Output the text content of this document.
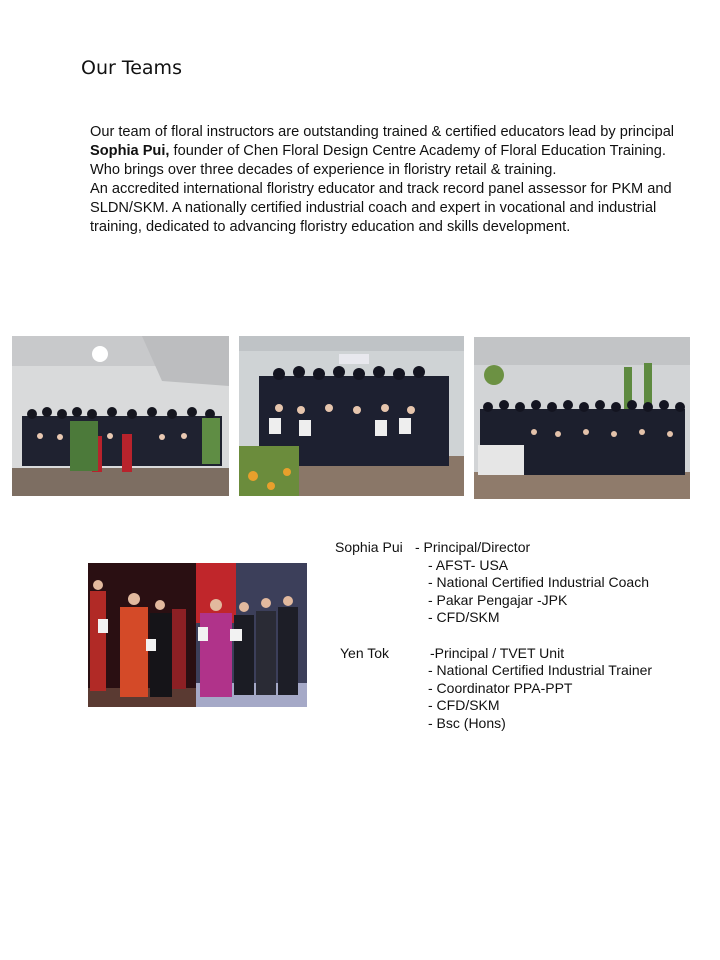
Our Teams

Our team of floral instructors are outstanding trained & certified educators lead by principal Sophia Pui, founder of Chen Floral Design Centre Academy of Floral Education Training. Who brings over three decades of experience in floristry retail & training.

An accredited international floristry educator and track record panel assessor for PKM and SLDN/SKM. A nationally certified industrial coach and expert in vocational and industrial training, dedicated to advancing floristry education and skills development.

Sophia Pui - Principal/Director
- AFST- USA
- National Certified Industrial Coach
- Pakar Pengajar -JPK
- CFD/SKM
Yen Tok	-Principal / TVET Unit
- National Certified Industrial Trainer
- Coordinator PPA-PPT
- CFD/SKM
- Bsc (Hons)
